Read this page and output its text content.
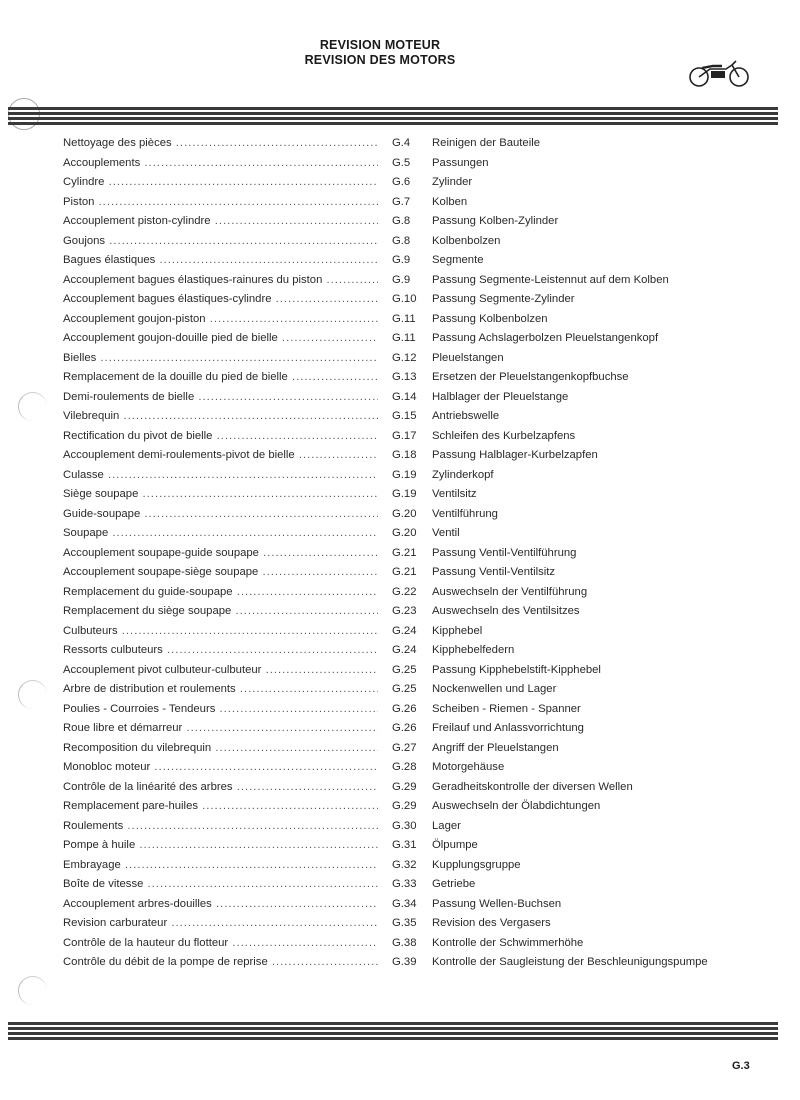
REVISION MOTEUR
REVISION DES MOTORS
Nettoyage des pièces .....	G.4	Reinigen der Bauteile
Accouplements .....	G.5	Passungen
Cylindre .....	G.6	Zylinder
Piston .....	G.7	Kolben
Accouplement piston-cylindre .....	G.8	Passung Kolben-Zylinder
Goujons .....	G.8	Kolbenbolzen
Bagues élastiques .....	G.9	Segmente
Accouplement bagues élastiques-rainures du piston .....	G.9	Passung Segmente-Leistennut auf dem Kolben
Accouplement bagues élastiques-cylindre .....	G.10	Passung Segmente-Zylinder
Accouplement goujon-piston .....	G.11	Passung Kolbenbolzen
Accouplement goujon-douille pied de bielle .....	G.11	Passung Achslagerbolzen Pleuelstangenkopf
Bielles .....	G.12	Pleuelstangen
Remplacement de la douille du pied de bielle .....	G.13	Ersetzen der Pleuelstangenkopfbuchse
Demi-roulements de bielle .....	G.14	Halblager der Pleuelstange
Vilebrequin .....	G.15	Antriebswelle
Rectification du pivot de bielle .....	G.17	Schleifen des Kurbelzapfens
Accouplement demi-roulements-pivot de bielle .....	G.18	Passung Halblager-Kurbelzapfen
Culasse .....	G.19	Zylinderkopf
Siège soupape .....	G.19	Ventilsitz
Guide-soupape .....	G.20	Ventilführung
Soupape .....	G.20	Ventil
Accouplement soupape-guide soupape .....	G.21	Passung Ventil-Ventilführung
Accouplement soupape-siège soupape .....	G.21	Passung Ventil-Ventilsitz
Remplacement du guide-soupape .....	G.22	Auswechseln der Ventilführung
Remplacement du siège soupape .....	G.23	Auswechseln des Ventilsitzes
Culbuteurs .....	G.24	Kipphebel
Ressorts culbuteurs .....	G.24	Kipphebelfedern
Accouplement pivot culbuteur-culbuteur .....	G.25	Passung Kipphebelstift-Kipphebel
Arbre de distribution et roulements .....	G.25	Nockenwellen und Lager
Poulies - Courroies - Tendeurs .....	G.26	Scheiben - Riemen - Spanner
Roue libre et démarreur .....	G.26	Freilauf und Anlassvorrichtung
Recomposition du vilebrequin .....	G.27	Angriff der Pleuelstangen
Monobloc moteur .....	G.28	Motorgehäuse
Contrôle de la linéarité des arbres .....	G.29	Geradheitskontrolle der diversen Wellen
Remplacement pare-huiles .....	G.29	Auswechseln der Ölabdichtungen
Roulements .....	G.30	Lager
Pompe à huile .....	G.31	Ölpumpe
Embrayage .....	G.32	Kupplungsgruppe
Boîte de vitesse .....	G.33	Getriebe
Accouplement arbres-douilles .....	G.34	Passung Wellen-Buchsen
Revision carburateur .....	G.35	Revision des Vergasers
Contrôle de la hauteur du flotteur .....	G.38	Kontrolle der Schwimmerhöhe
Contrôle du débit de la pompe de reprise .....	G.39	Kontrolle der Saugleistung der Beschleunigungspumpe
G.3
